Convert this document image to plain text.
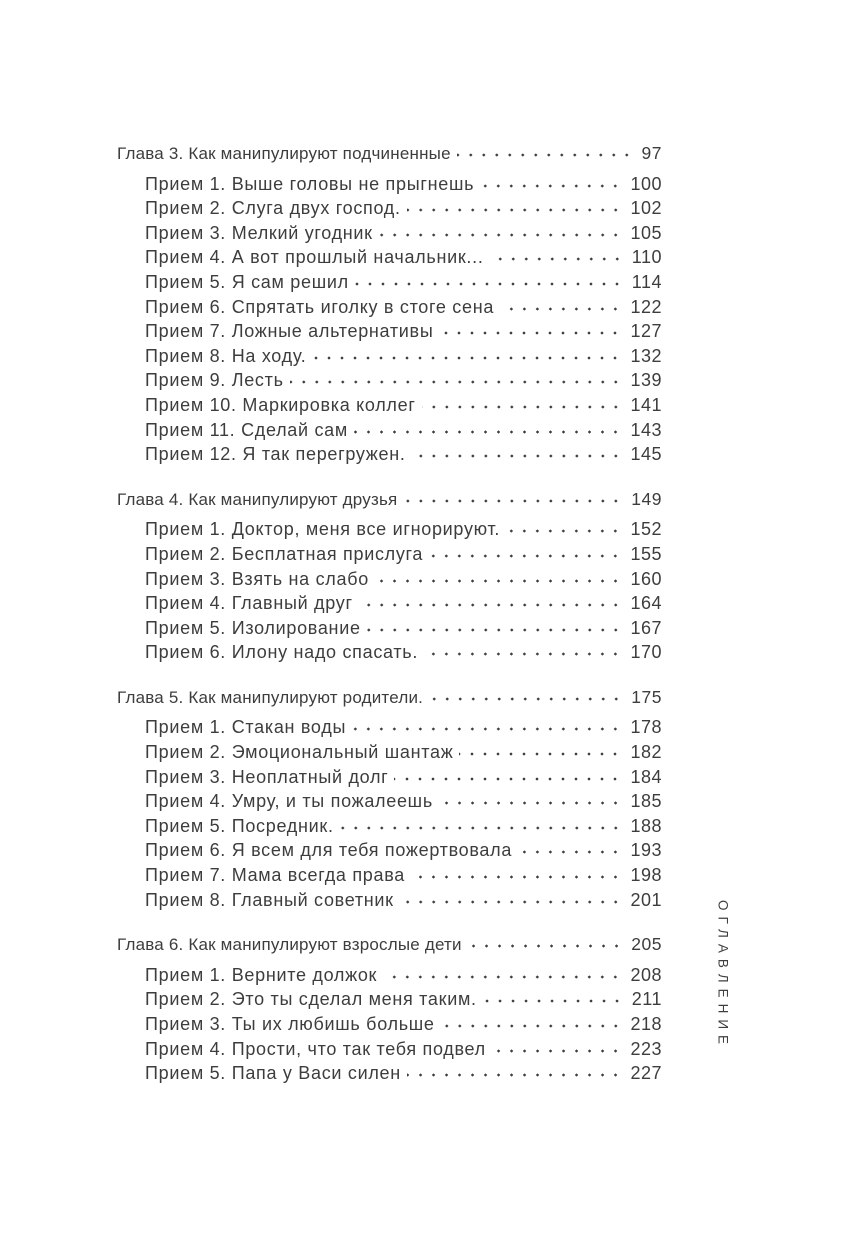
Глава 3. Как манипулируют подчиненные	97
Прием 1. Выше головы не прыгнешь	100
Прием 2. Слуга двух господ.	102
Прием 3. Мелкий угодник	105
Прием 4. А вот прошлый начальник...	110
Прием 5. Я сам решил	114
Прием 6. Спрятать иголку в стоге сена	122
Прием 7. Ложные альтернативы	127
Прием 8. На ходу.	132
Прием 9. Лесть	139
Прием 10. Маркировка коллег	141
Прием 11. Сделай сам	143
Прием 12. Я так перегружен.	145
Глава 4. Как манипулируют друзья	149
Прием 1. Доктор, меня все игнорируют.	152
Прием 2. Бесплатная прислуга	155
Прием 3. Взять на слабо	160
Прием 4. Главный друг	164
Прием 5. Изолирование	167
Прием 6. Илону надо спасать.	170
Глава 5. Как манипулируют родители.	175
Прием 1. Стакан воды	178
Прием 2. Эмоциональный шантаж	182
Прием 3. Неоплатный долг	184
Прием 4. Умру, и ты пожалеешь	185
Прием 5. Посредник.	188
Прием 6. Я всем для тебя пожертвовала	193
Прием 7. Мама всегда права	198
Прием 8. Главный советник	201
Глава 6. Как манипулируют взрослые дети	205
Прием 1. Верните должок	208
Прием 2. Это ты сделал меня таким.	211
Прием 3. Ты их любишь больше	218
Прием 4. Прости, что так тебя подвел	223
Прием 5. Папа у Васи силен	227
ОГЛАВЛЕНИЕ
